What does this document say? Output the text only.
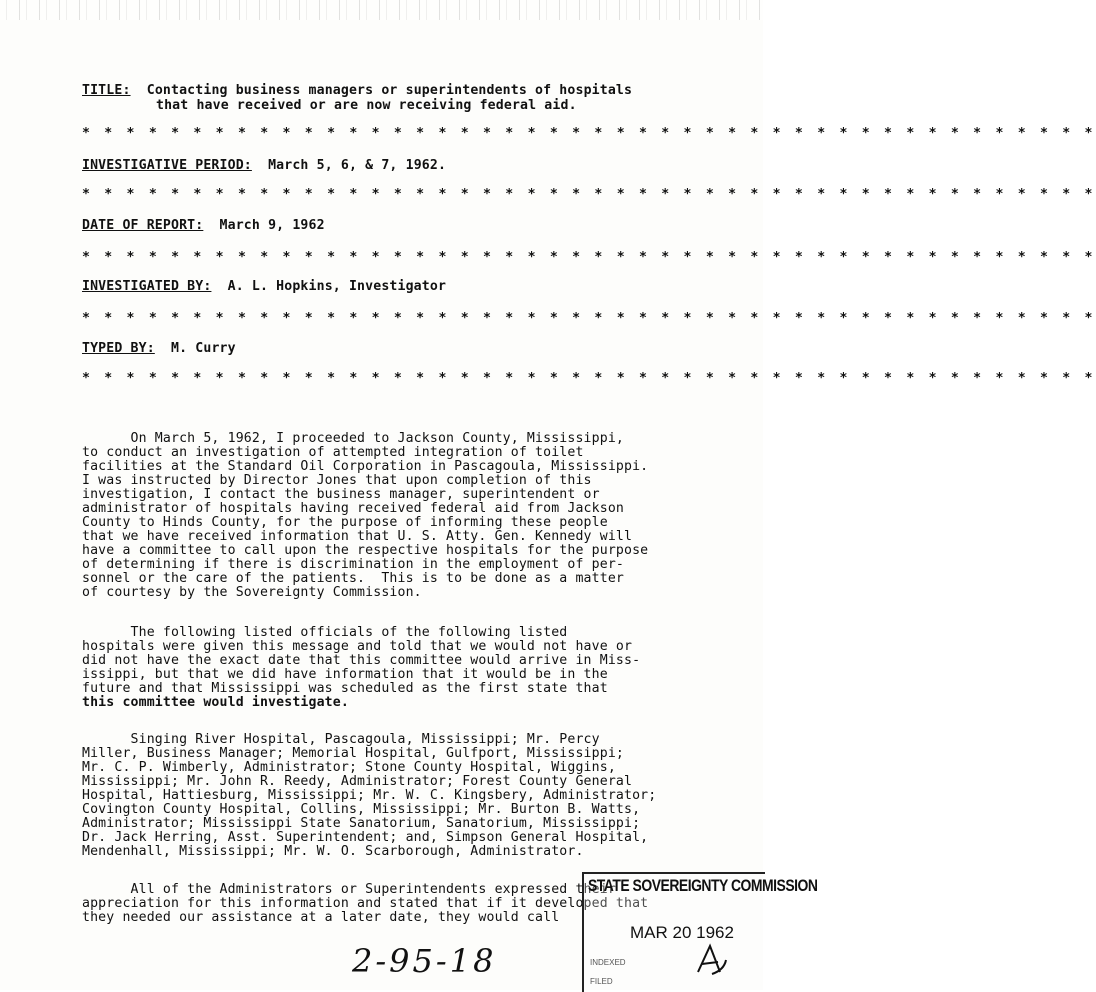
TITLE: Contacting business managers or superintendents of hospitals
that have received or are now receiving federal aid.
* * * * * * * * * * * * * * * * * * * * * * * * * * * * * * * * * * * * * * * * * * * * * *
INVESTIGATIVE PERIOD: March 5, 6, & 7, 1962.
* * * * * * * * * * * * * * * * * * * * * * * * * * * * * * * * * * * * * * * * * * * * * *
DATE OF REPORT: March 9, 1962
* * * * * * * * * * * * * * * * * * * * * * * * * * * * * * * * * * * * * * * * * * * * * *
INVESTIGATED BY: A. L. Hopkins, Investigator
* * * * * * * * * * * * * * * * * * * * * * * * * * * * * * * * * * * * * * * * * * * * * *
TYPED BY: M. Curry
* * * * * * * * * * * * * * * * * * * * * * * * * * * * * * * * * * * * * * * * * * * * * *
On March 5, 1962, I proceeded to Jackson County, Mississippi,
to conduct an investigation of attempted integration of toilet
facilities at the Standard Oil Corporation in Pascagoula, Mississippi.
I was instructed by Director Jones that upon completion of this
investigation, I contact the business manager, superintendent or
administrator of hospitals having received federal aid from Jackson
County to Hinds County, for the purpose of informing these people
that we have received information that U. S. Atty. Gen. Kennedy will
have a committee to call upon the respective hospitals for the purpose
of determining if there is discrimination in the employment of per-
sonnel or the care of the patients.  This is to be done as a matter
of courtesy by the Sovereignty Commission.
The following listed officials of the following listed
hospitals were given this message and told that we would not have or
did not have the exact date that this committee would arrive in Miss-
issippi, but that we did have information that it would be in the
future and that Mississippi was scheduled as the first state that
this committee would investigate.
Singing River Hospital, Pascagoula, Mississippi; Mr. Percy
Miller, Business Manager; Memorial Hospital, Gulfport, Mississippi;
Mr. C. P. Wimberly, Administrator; Stone County Hospital, Wiggins,
Mississippi; Mr. John R. Reedy, Administrator; Forest County General
Hospital, Hattiesburg, Mississippi; Mr. W. C. Kingsbery, Administrator;
Covington County Hospital, Collins, Mississippi; Mr. Burton B. Watts,
Administrator; Mississippi State Sanatorium, Sanatorium, Mississippi;
Dr. Jack Herring, Asst. Superintendent; and, Simpson General Hospital,
Mendenhall, Mississippi; Mr. W. O. Scarborough, Administrator.
All of the Administrators or Superintendents expressed their
appreciation for this information and stated that if it developed that
they needed our assistance at a later date, they would call
2-95-18
STATE SOVEREIGNTY COMMISSION
MAR 20 1962
INDEXED
FILED
